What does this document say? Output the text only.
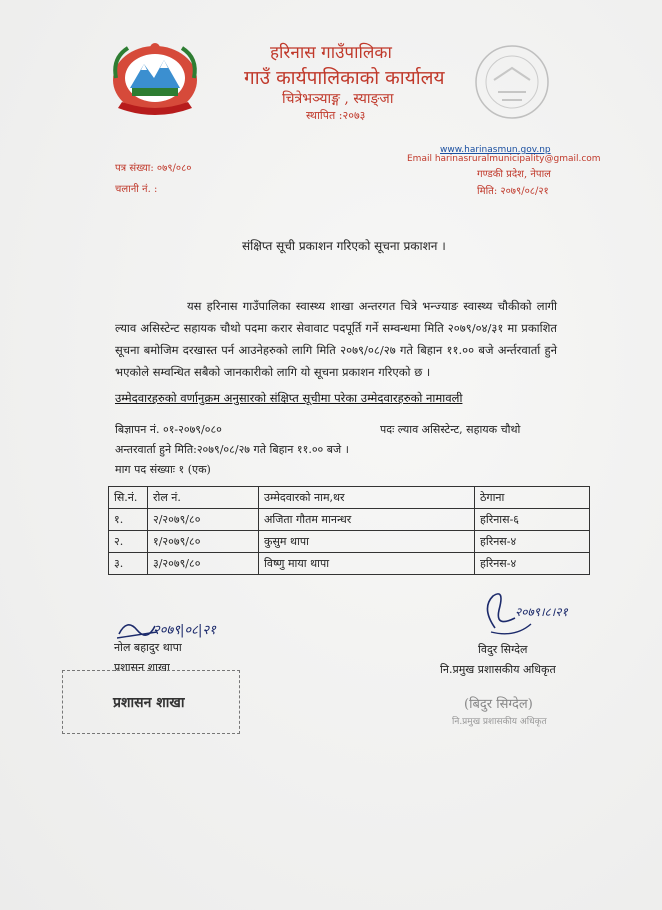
हरिनास गाउँपालिका
गाउँ कार्यपालिकाको कार्यालय
चित्रेभञ्याङ्ग , स्याङ्जा
स्थापित :२०७३
www.harinasmun.gov.np
Email harinasruralmunicipality@gmail.com
गण्डकी प्रदेश, नेपाल
मिति: २०७९/०८/२१
पत्र संख्या: ०७९/०८०
चलानी नं. :
संक्षिप्त सूची प्रकाशन गरिएको सूचना प्रकाशन ।
यस हरिनास गाउँपालिका स्वास्थ्य शाखा अन्तरगत चित्रे भन्ज्याङ स्वास्थ्य चौकीको लागी ल्याव असिस्टेन्ट सहायक चौथो पदमा करार सेवावाट पदपूर्ति गर्ने सम्वन्धमा मिति २०७९/०४/३१ मा प्रकाशित सूचना बमोजिम दरखास्त पर्न आउनेहरुको लागि मिति २०७९/०८/२७ गते बिहान ११.०० बजे अर्न्तरवार्ता हुने भएकोले सम्वन्धित सबैको जानकारीको लागि यो सूचना प्रकाशन गरिएको छ ।
उम्मेदवारहरुको वर्णानुक्रम अनुसारको संक्षिप्त सूचीमा परेका उम्मेदवारहरुको नामावली
बिज्ञापन नं. ०१-२०७९/०८०	पदः ल्याव असिस्टेन्ट, सहायक चौथो
अन्तरवार्ता हुने मिति:२०७९/०८/२७ गते बिहान ११.०० बजे ।
माग पद संख्याः १ (एक)
सि.नं.	रोल नं.	उम्मेदवारको नाम,थर	ठेगाना
१.	२/२०७९/८०	अजिता गौतम मानन्धर	हरिनास-६
२.	१/२०७९/८०	कुसुम थापा	हरिनस-४
३.	३/२०७९/८०	विष्णु माया थापा	हरिनस-४
२०७९|०८|२१
नोल बहादुर थापा
प्रशासन शाखा
प्रशासन शाखा
२०७९।८।२१
विदुर सिग्देल
नि.प्रमुख प्रशासकीय अधिकृत
(बिदुर सिग्देल)
नि.प्रमुख प्रशासकीय अधिकृत
